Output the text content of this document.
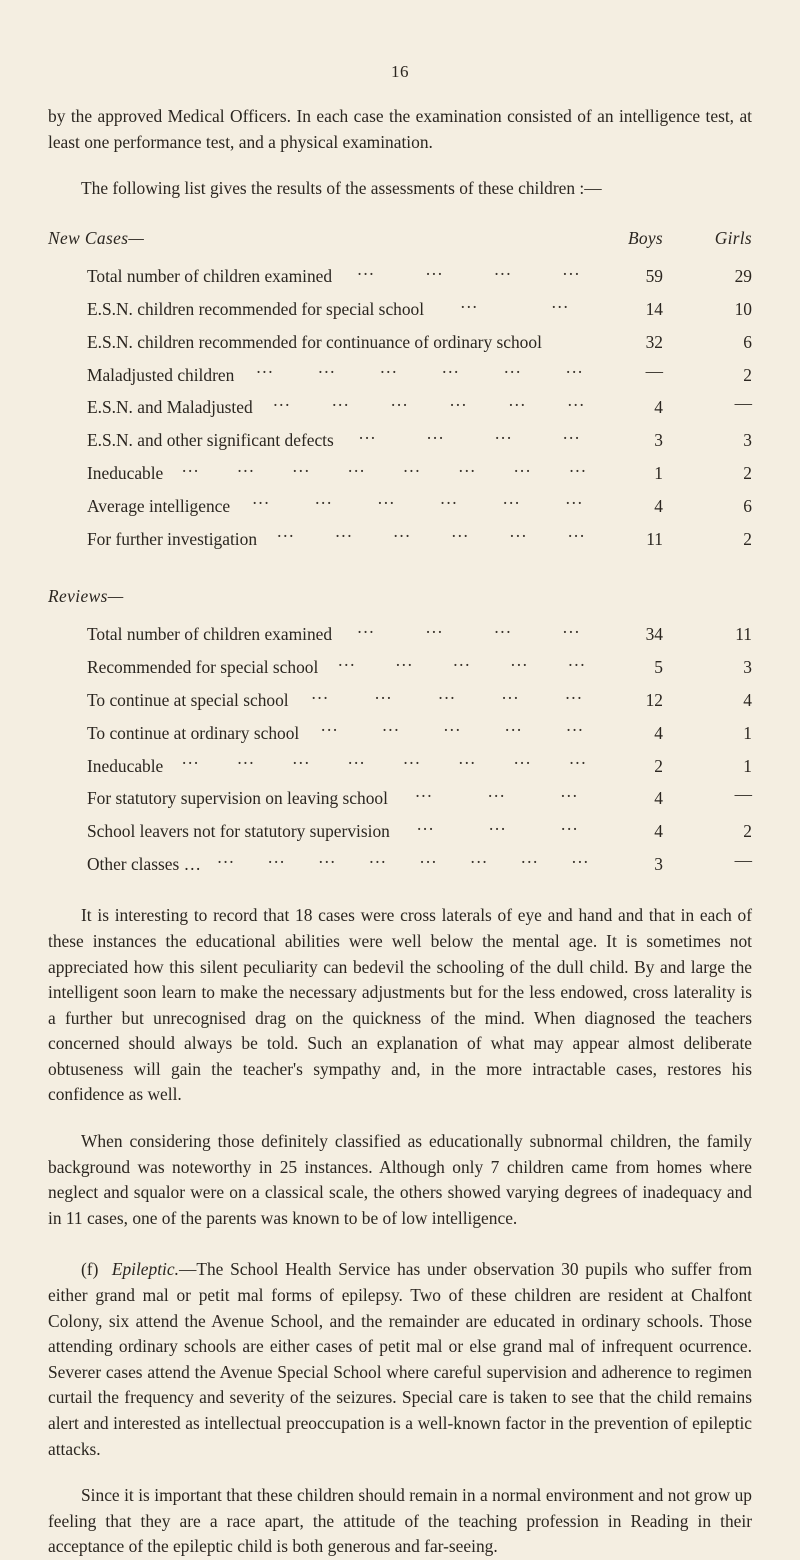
16

by the approved Medical Officers. In each case the examination consisted of an intelligence test, at least one performance test, and a physical examination.

The following list gives the results of the assessments of these children :—

New Cases—	Boys	Girls
Total number of children examined ...	...	...	...	59	29
E.S.N. children recommended for special school ...	...	14	10
E.S.N. children recommended for continuance of ordinary school	32	6
Maladjusted children ...	...	...	...	...	...	—	2
E.S.N. and Maladjusted ... ... ... ... ... ...	4	—
E.S.N. and other significant defects ...	...	...	...	3	3
Ineducable ... ... ... ... ... ... ... ...	1	2
Average intelligence ...	...	...	...	...	...	4	6
For further investigation ... ... ... ... ... ...	11	2
Reviews—
Total number of children examined ...	...	...	...	34	11
Recommended for special school ... ... ... ... ...	5	3
To continue at special school ...	...	...	...	...	12	4
To continue at ordinary school ...	...	...	...	...	4	1
Ineducable ... ... ... ... ... ... ... ...	2	1
For statutory supervision on leaving school ...	...	...	4	—
School leavers not for statutory supervision ...	...	...	4	2
Other classes … ... ... ... ... ... ... ... ...	3	—

It is interesting to record that 18 cases were cross laterals of eye and hand and that in each of these instances the educational abilities were well below the mental age. It is sometimes not appreciated how this silent peculiarity can bedevil the schooling of the dull child. By and large the intelligent soon learn to make the necessary adjustments but for the less endowed, cross laterality is a further but unrecognised drag on the quickness of the mind. When diagnosed the teachers concerned should always be told. Such an explanation of what may appear almost deliberate obtuseness will gain the teacher's sympathy and, in the more intractable cases, restores his confidence as well.

When considering those definitely classified as educationally subnormal children, the family background was noteworthy in 25 instances. Although only 7 children came from homes where neglect and squalor were on a classical scale, the others showed varying degrees of inadequacy and in 11 cases, one of the parents was known to be of low intelligence.

(f) Epileptic.—The School Health Service has under observation 30 pupils who suffer from either grand mal or petit mal forms of epilepsy. Two of these children are resident at Chalfont Colony, six attend the Avenue School, and the remainder are educated in ordinary schools. Those attending ordinary schools are either cases of petit mal or else grand mal of infrequent ocurrence. Severer cases attend the Avenue Special School where careful supervision and adherence to regimen curtail the frequency and severity of the seizures. Special care is taken to see that the child remains alert and interested as intellectual preoccupation is a well-known factor in the prevention of epileptic attacks.

Since it is important that these children should remain in a normal environment and not grow up feeling that they are a race apart, the attitude of the teaching profession in Reading in their acceptance of the epileptic child is both generous and far-seeing.
